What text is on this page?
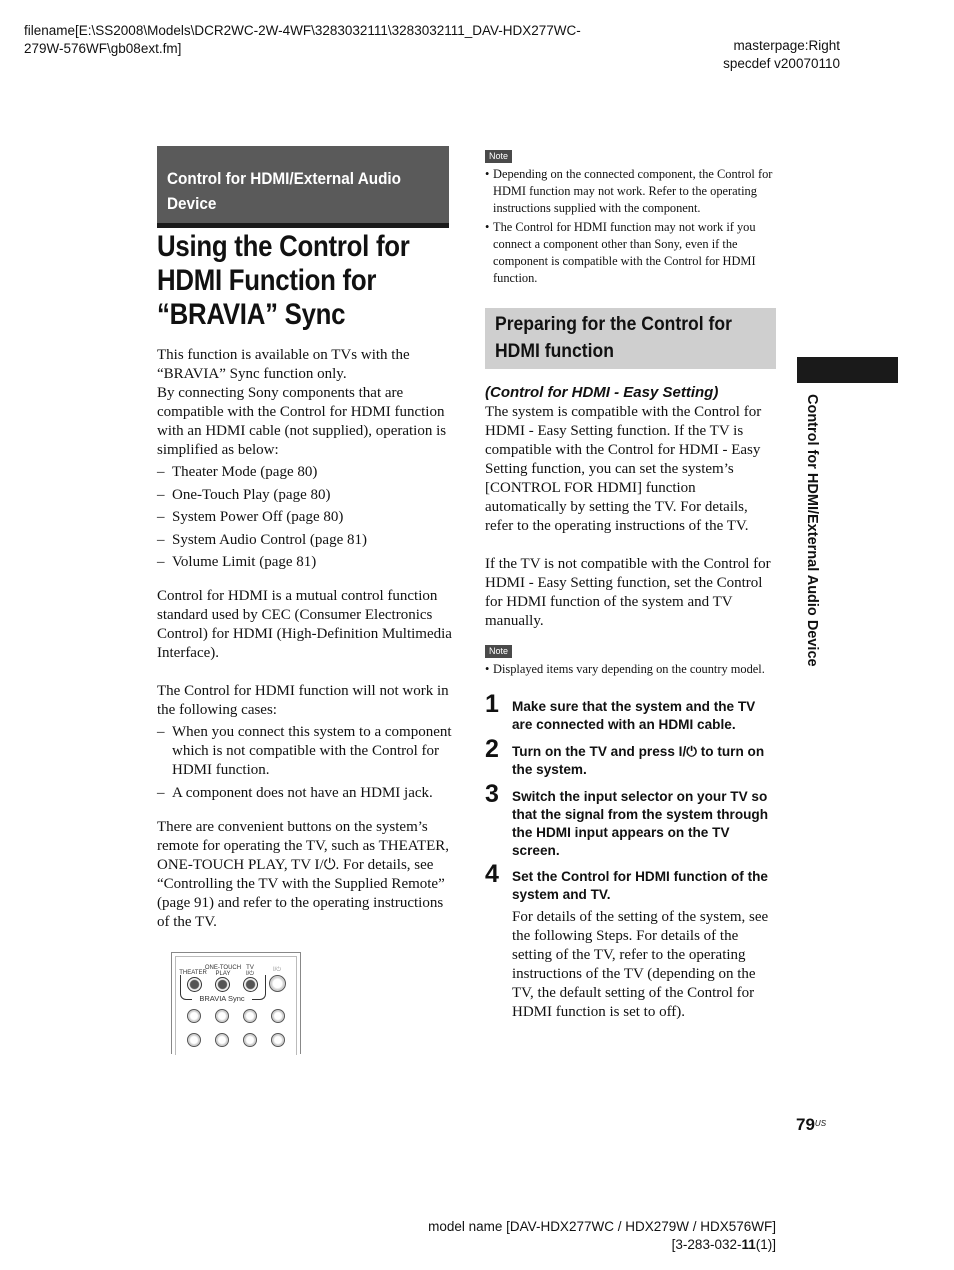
filename[E:\SS2008\Models\DCR2WC-2W-4WF\3283032111\3283032111_DAV-HDX277WC-
279W-576WF\gb08ext.fm]	masterpage:Right
specdef v20070110
Control for HDMI/External Audio
Device
Using the Control for
HDMI Function for
“BRAVIA” Sync
This function is available on TVs with the “BRAVIA” Sync function only.
By connecting Sony components that are compatible with the Control for HDMI function with an HDMI cable (not supplied), operation is simplified as below:
– Theater Mode (page 80)
– One-Touch Play (page 80)
– System Power Off (page 80)
– System Audio Control (page 81)
– Volume Limit (page 81)
Control for HDMI is a mutual control function standard used by CEC (Consumer Electronics Control) for HDMI (High-Definition Multimedia Interface).
The Control for HDMI function will not work in the following cases:
– When you connect this system to a component which is not compatible with the Control for HDMI function.
– A component does not have an HDMI jack.
There are convenient buttons on the system’s remote for operating the TV, such as THEATER, ONE-TOUCH PLAY, TV I/⏻. For details, see “Controlling the TV with the Supplied Remote” (page 91) and refer to the operating instructions of the TV.
THEATER
ONE-TOUCH
PLAY
TV
I/⏻
I/⏻
BRAVIA Sync
Note
• Depending on the connected component, the Control for HDMI function may not work. Refer to the operating instructions supplied with the component.
• The Control for HDMI function may not work if you connect a component other than Sony, even if the component is compatible with the Control for HDMI function.
Preparing for the Control for
HDMI function
(Control for HDMI - Easy Setting)
The system is compatible with the Control for HDMI - Easy Setting function. If the TV is compatible with the Control for HDMI - Easy Setting function, you can set the system’s [CONTROL FOR HDMI] function automatically by setting the TV. For details, refer to the operating instructions of the TV.
If the TV is not compatible with the Control for HDMI - Easy Setting function, set the Control for HDMI function of the system and TV manually.
Note
• Displayed items vary depending on the country model.
1 Make sure that the system and the TV are connected with an HDMI cable.
2 Turn on the TV and press I/⏻ to turn on the system.
3 Switch the input selector on your TV so that the signal from the system through the HDMI input appears on the TV screen.
4 Set the Control for HDMI function of the system and TV.
For details of the setting of the system, see the following Steps. For details of the setting of the TV, refer to the operating instructions of the TV (depending on the TV, the default setting of the Control for HDMI function is set to off).
Control for HDMI/External Audio Device
$79^{US}$
model name [DAV-HDX277WC / HDX279W / HDX576WF]
[3-283-032-11(1)]
